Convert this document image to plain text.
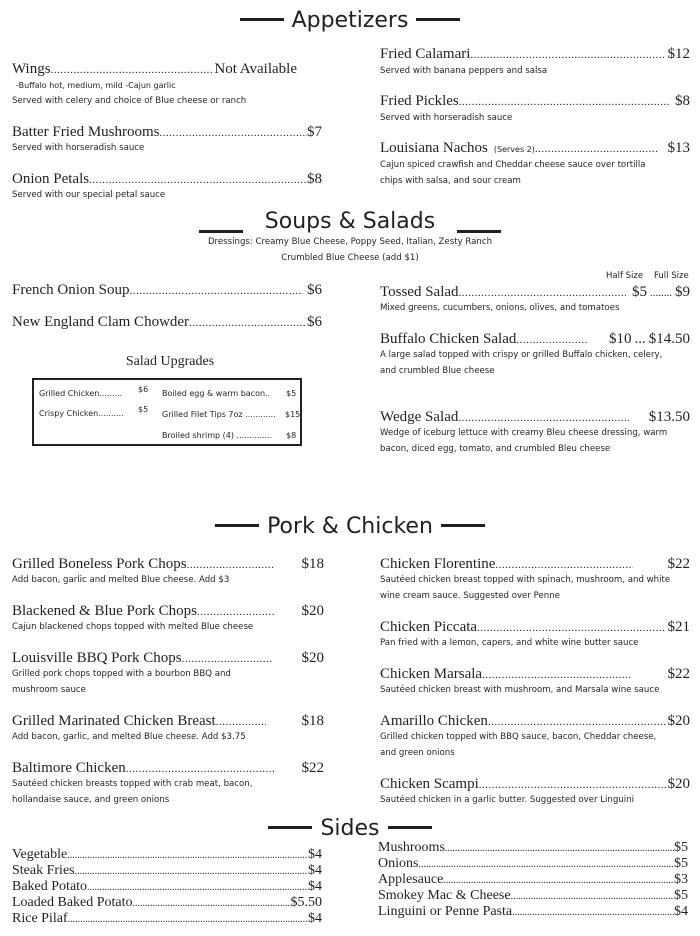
Appetizers
Wings .....	Not Available
-Buffalo hot, medium, mild -Cajun garlic
Served with celery and choice of Blue cheese or ranch
Batter Fried Mushrooms .....	$7
Served with horseradish sauce
Onion Petals .....	$8
Served with our special petal sauce
Fried Calamari .....	$12
Served with banana peppers and salsa
Fried Pickles .....	$8
Served with horseradish sauce
Louisiana Nachos (Serves 2) .....	$13
Cajun spiced crawfish and Cheddar cheese sauce over tortilla
chips with salsa, and sour cream
Soups & Salads
Dressings: Creamy Blue Cheese, Poppy Seed, Italian, Zesty Ranch
Crumbled Blue Cheese (add $1)
French Onion Soup .....	$6
New England Clam Chowder .....	$6
Salad Upgrades
Grilled Chicken......... $6
Crispy Chicken.......... $5
Boiled egg & warm bacon.. $5
Grilled Filet Tips 7oz ............ $15
Broiled shrimp (4) .............. $8
Half Size Full Size
Tossed Salad .....	$5 ........ $9
Mixed greens, cucumbers, onions, olives, and tomatoes
Buffalo Chicken Salad .....	$10 ... $14.50
A large salad topped with crispy or grilled Buffalo chicken, celery,
and crumbled Blue cheese
Wedge Salad .....	$13.50
Wedge of iceburg lettuce with creamy Bleu cheese dressing, warm
bacon, diced egg, tomato, and crumbled Bleu cheese
Pork & Chicken
Grilled Boneless Pork Chops .....	$18
Add bacon, garlic and melted Blue cheese. Add $3
Blackened & Blue Pork Chops .....	$20
Cajun blackened chops topped with melted Blue cheese
Louisville BBQ Pork Chops .....	$20
Grilled pork chops topped with a bourbon BBQ and
mushroom sauce
Grilled Marinated Chicken Breast .....	$18
Add bacon, garlic, and melted Blue cheese. Add $3.75
Baltimore Chicken .....	$22
Sautéed chicken breasts topped with crab meat, bacon,
hollandaise sauce, and green onions
Chicken Florentine .....	$22
Sautéed chicken breast topped with spinach, mushroom, and white
wine cream sauce. Suggested over Penne
Chicken Piccata .....	$21
Pan fried with a lemon, capers, and white wine butter sauce
Chicken Marsala .....	$22
Sautéed chicken breast with mushroom, and Marsala wine sauce
Amarillo Chicken .....	$20
Grilled chicken topped with BBQ sauce, bacon, Cheddar cheese,
and green onions
Chicken Scampi .....	$20
Sautéed chicken in a garlic butter. Suggested over Linguini
Sides
Vegetable .....	$4
Steak Fries .....	$4
Baked Potato .....	$4
Loaded Baked Potato .....	$5.50
Rice Pilaf .....	$4
Mushrooms .....	$5
Onions .....	$5
Applesauce .....	$3
Smokey Mac & Cheese .....	$5
Linguini or Penne Pasta .....	$4
